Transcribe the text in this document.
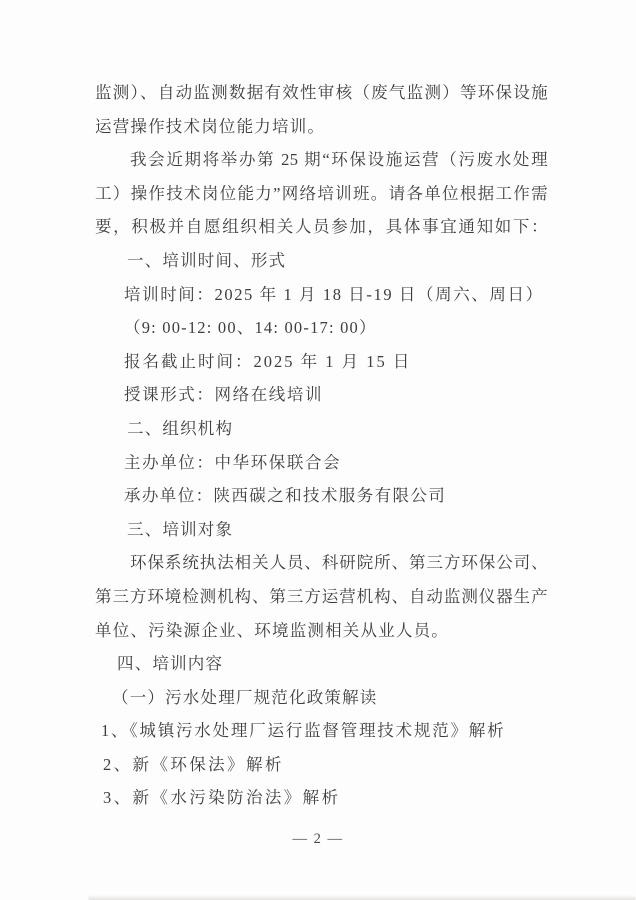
监测）、自动监测数据有效性审核（废气监测）等环保设施
运营操作技术岗位能力培训。
我会近期将举办第 25 期“环保设施运营（污废水处理
工）操作技术岗位能力”网络培训班。请各单位根据工作需
要，积极并自愿组织相关人员参加，具体事宜通知如下：
一、培训时间、形式
培训时间：2025 年 1 月 18 日-19 日（周六、周日）
（9: 00-12: 00、14: 00-17: 00）
报名截止时间：2025 年 1 月 15 日
授课形式：网络在线培训
二、组织机构
主办单位：中华环保联合会
承办单位：陕西碳之和技术服务有限公司
三、培训对象
环保系统执法相关人员、科研院所、第三方环保公司、
第三方环境检测机构、第三方运营机构、自动监测仪器生产
单位、污染源企业、环境监测相关从业人员。
四、培训内容
（一）污水处理厂规范化政策解读
1、《城镇污水处理厂运行监督管理技术规范》解析
2、新《环保法》解析
3、新《水污染防治法》解析
— 2 —
